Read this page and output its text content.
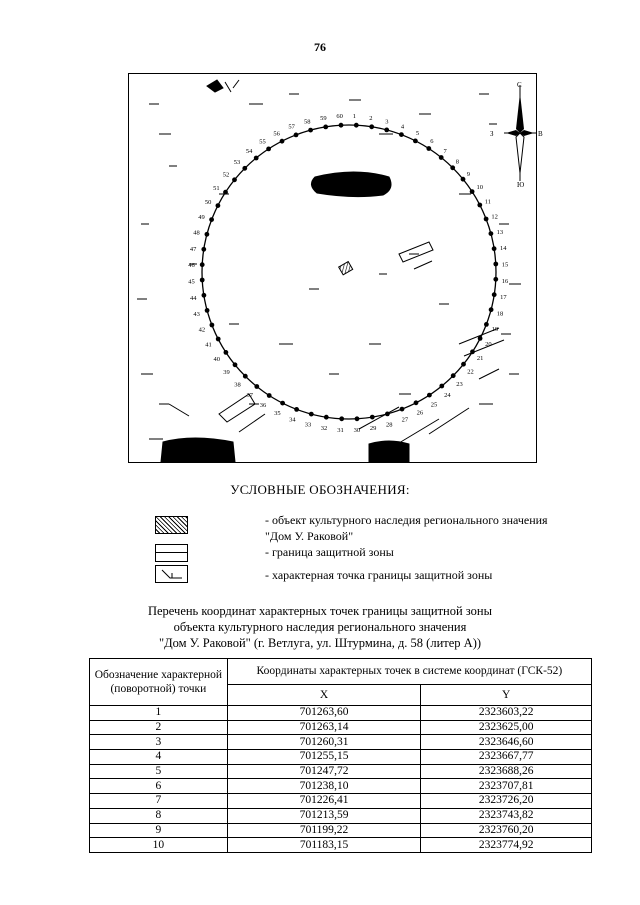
76
1 2 3
4
5
6
7
8
9
10
11
12
13
14
15
16
17
18
19
20
21
22
23
24
25
26
27
28
29
30
31
32
33
34
35
36
37
38
39
40
41
42
43
44
45
46
47
48
49
50
51
52
53
54
55
56
57
58 59 60
С
Ю
З	В
УСЛОВНЫЕ ОБОЗНАЧЕНИЯ:
- объект культурного наследия регионального значения "Дом У. Раковой"
- граница защитной зоны
- характерная точка границы защитной зоны
Перечень координат характерных точек границы защитной зоны
объекта культурного наследия регионального значения
"Дом У. Раковой" (г. Ветлуга, ул. Штурмина, д. 58 (литер А))
Обозначение характерной (поворотной) точки	Координаты характерных точек в системе координат (ГСК-52)	
	X	Y
1	701263,60	2323603,22
2	701263,14	2323625,00
3	701260,31	2323646,60
4	701255,15	2323667,77
5	701247,72	2323688,26
6	701238,10	2323707,81
7	701226,41	2323726,20
8	701213,59	2323743,82
9	701199,22	2323760,20
10	701183,15	2323774,92
